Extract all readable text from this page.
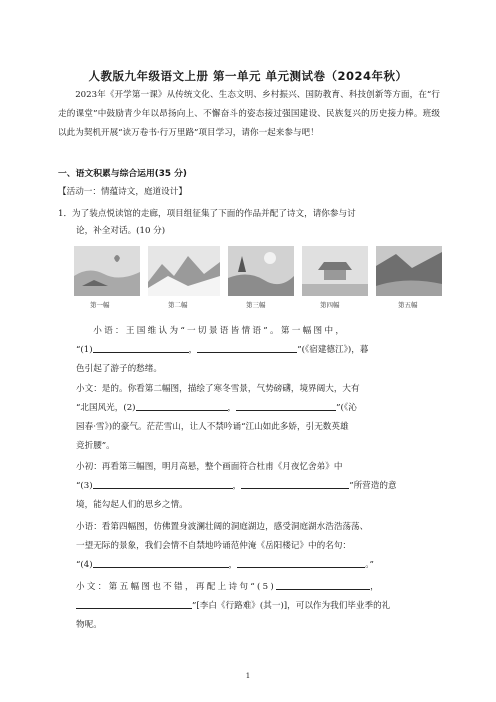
人教版九年级语文上册 第一单元 单元测试卷（2024年秋）
2023年《开学第一课》从传统文化、生态文明、乡村振兴、国防教育、科技创新等方面，在“行走的课堂”中鼓励青少年以昂扬向上、不懈奋斗的姿态接过强国建设、民族复兴的历史接力棒。班级以此为契机开展“读万卷书·行万里路”项目学习，请你一起来参与吧！
一、语文积累与综合运用(35 分)
【活动一：情蕴诗文，庭道设计】
1．为了装点悦读馆的走廊，项目组征集了下面的作品并配了诗文，请你参与讨
论，补全对话。(10 分)
第一幅	第二幅	第三幅	第四幅	第五幅
小语：王国维认为“一切景语皆情语”。第一幅图中，
“(1)	，	”(《宿建德江》)，暮
色引起了游子的愁绪。
小文：是的。你看第二幅图，描绘了寒冬雪景，气势磅礴，境界阔大，大有
“北国风光，(2)	，	”(《沁
园春·雪》)的豪气。茫茫雪山，让人不禁吟诵“江山如此多娇，引无数英雄
竞折腰”。
小初：再看第三幅图，明月高悬，整个画面符合杜甫《月夜忆舍弟》中
“(3)	，	”所营造的意
境，能勾起人们的思乡之情。
小语：看第四幅图，仿佛置身波澜壮阔的洞庭湖边，感受洞庭湖水浩浩荡荡、
一望无际的景象，我们会情不自禁地吟诵范仲淹《岳阳楼记》中的名句：
“(4)	，	。”
小文：第五幅图也不错，再配上诗句“(5)	，
”[李白《行路难》(其一)]，可以作为我们毕业季的礼
物呢。
1
